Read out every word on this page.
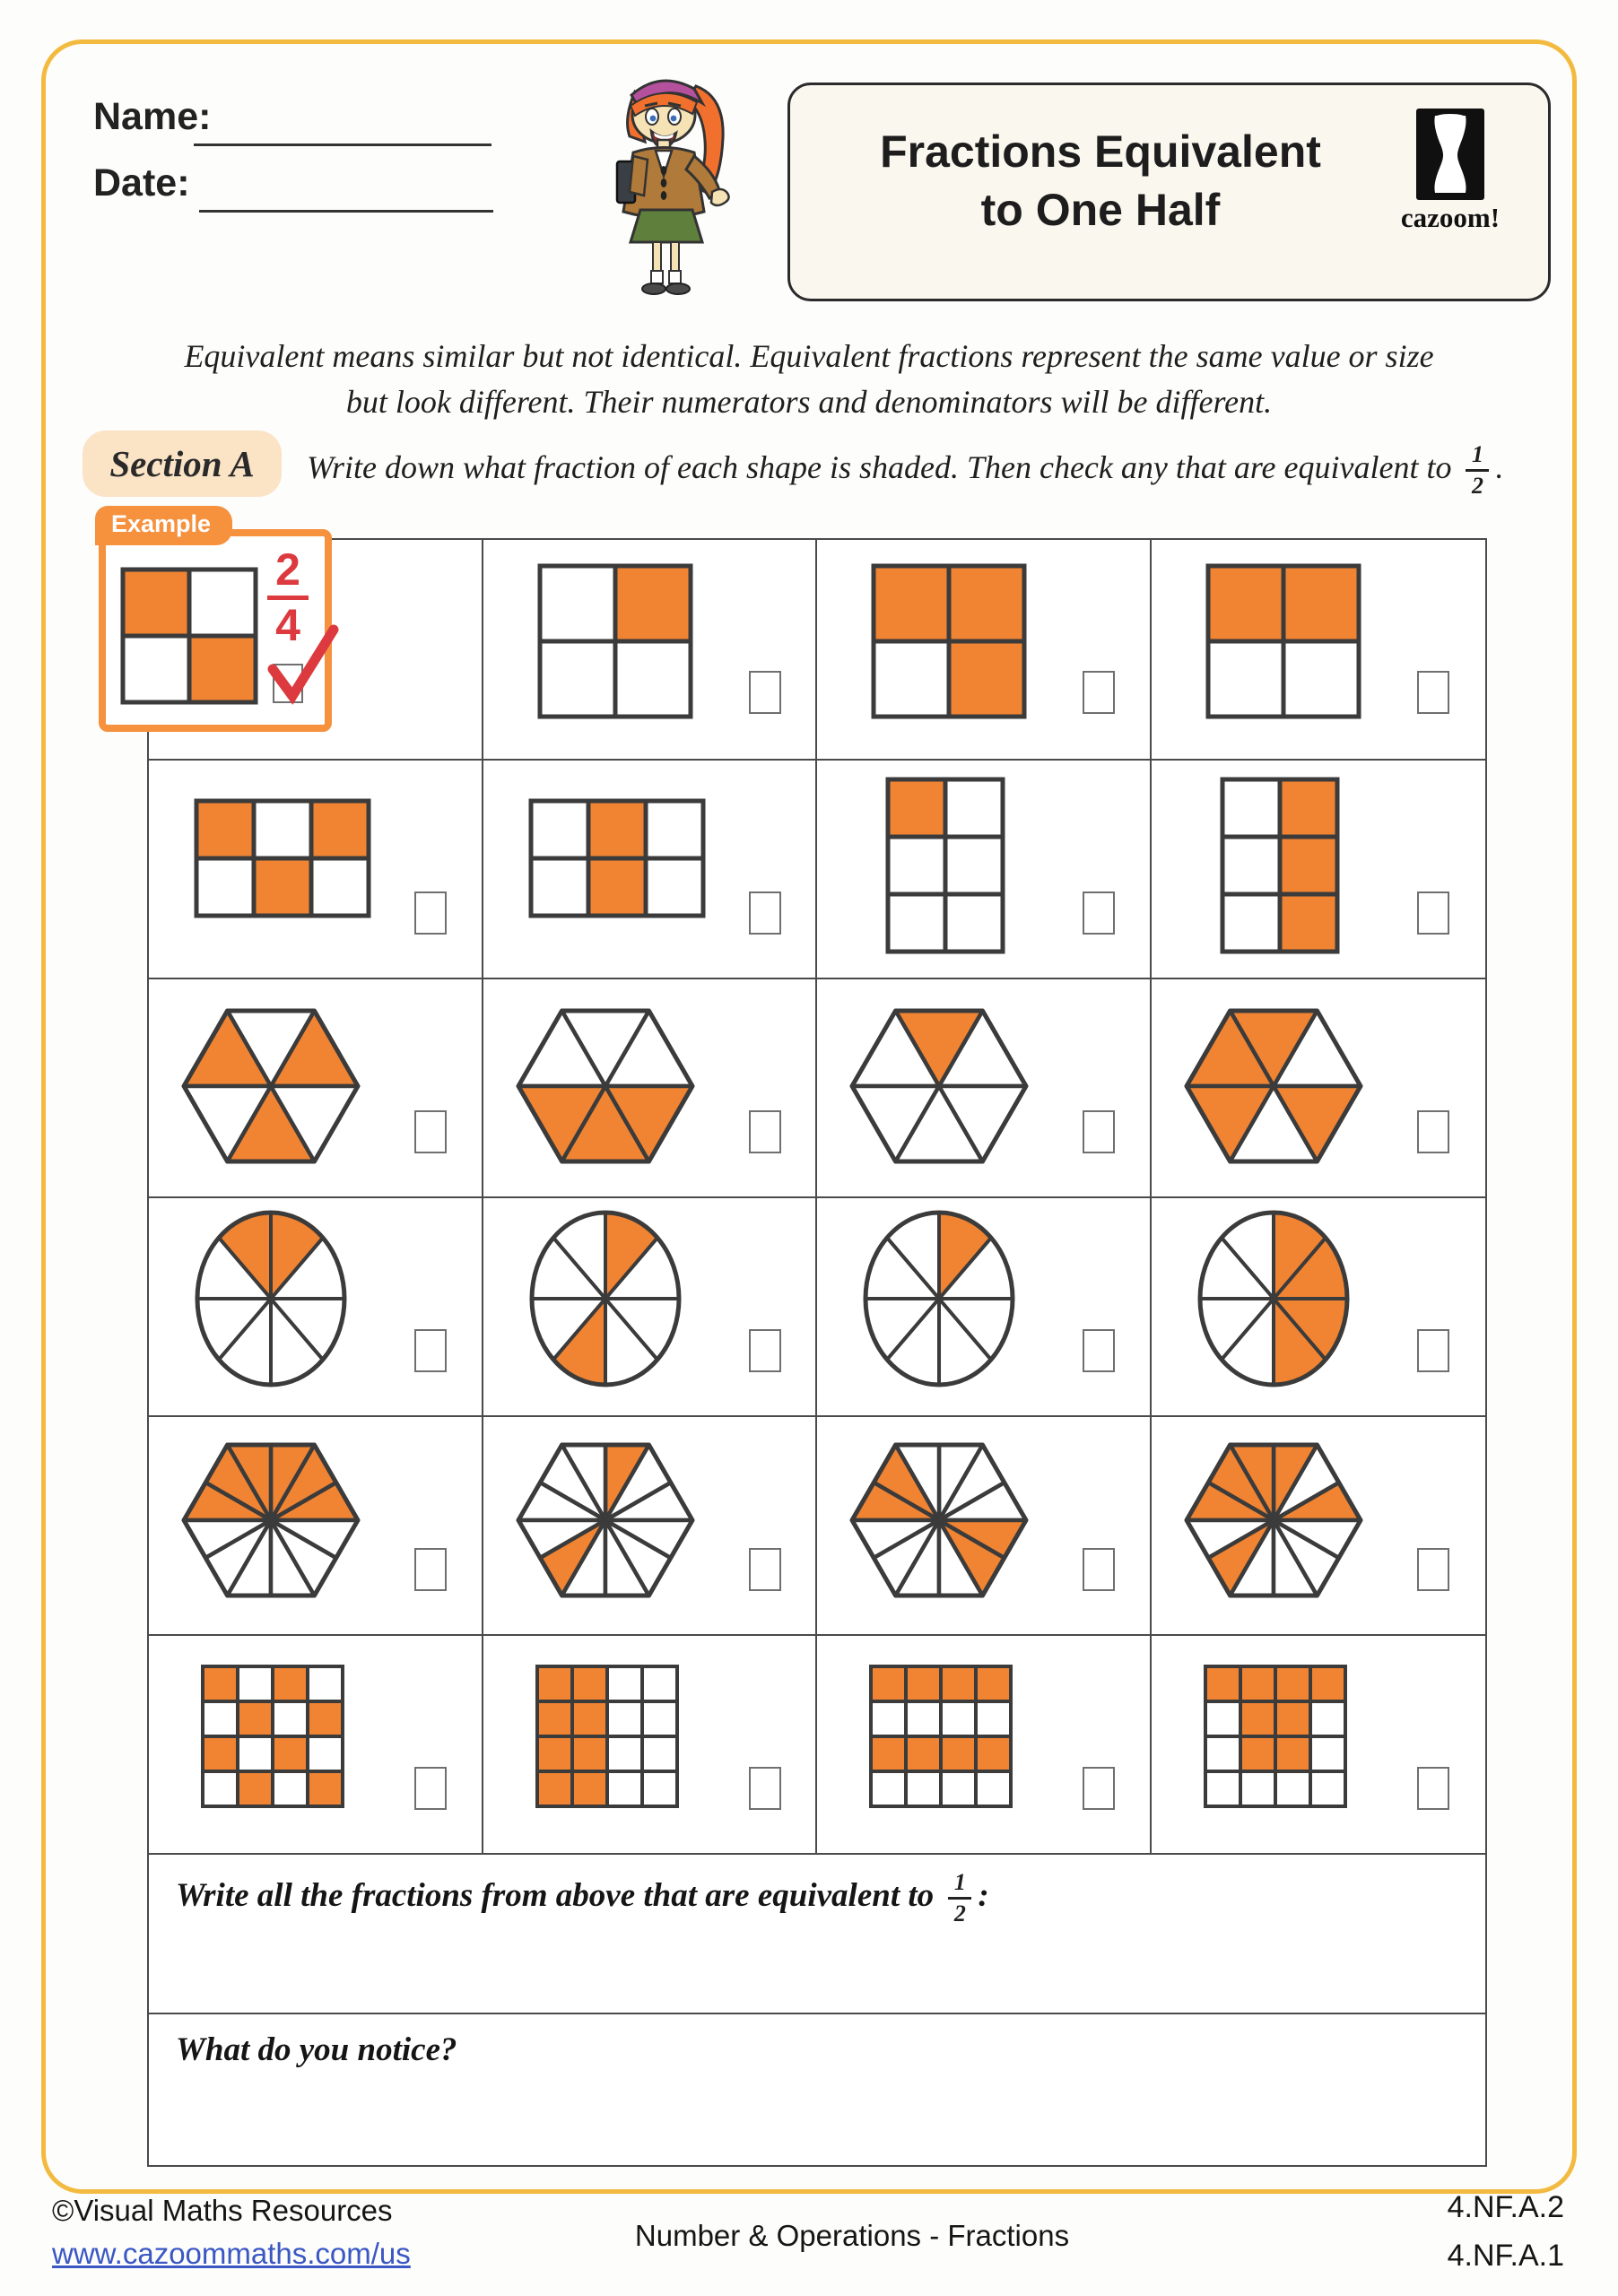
Name:
Date:
Fractions Equivalent
to One Half	cazoom!
Equivalent means similar but not identical. Equivalent fractions represent the same value or size
but look different. Their numerators and denominators will be different.
Section A	Write down what fraction of each shape is shaded. Then check any that are equivalent to $\frac{1}{2}$ .
Example
2
4
Write all the fractions from above that are equivalent to $\frac{1}{2}$ :
What do you notice?
©Visual Maths Resources
www.cazoommaths.com/us
Number & Operations - Fractions
4.NF.A.2
4.NF.A.1
